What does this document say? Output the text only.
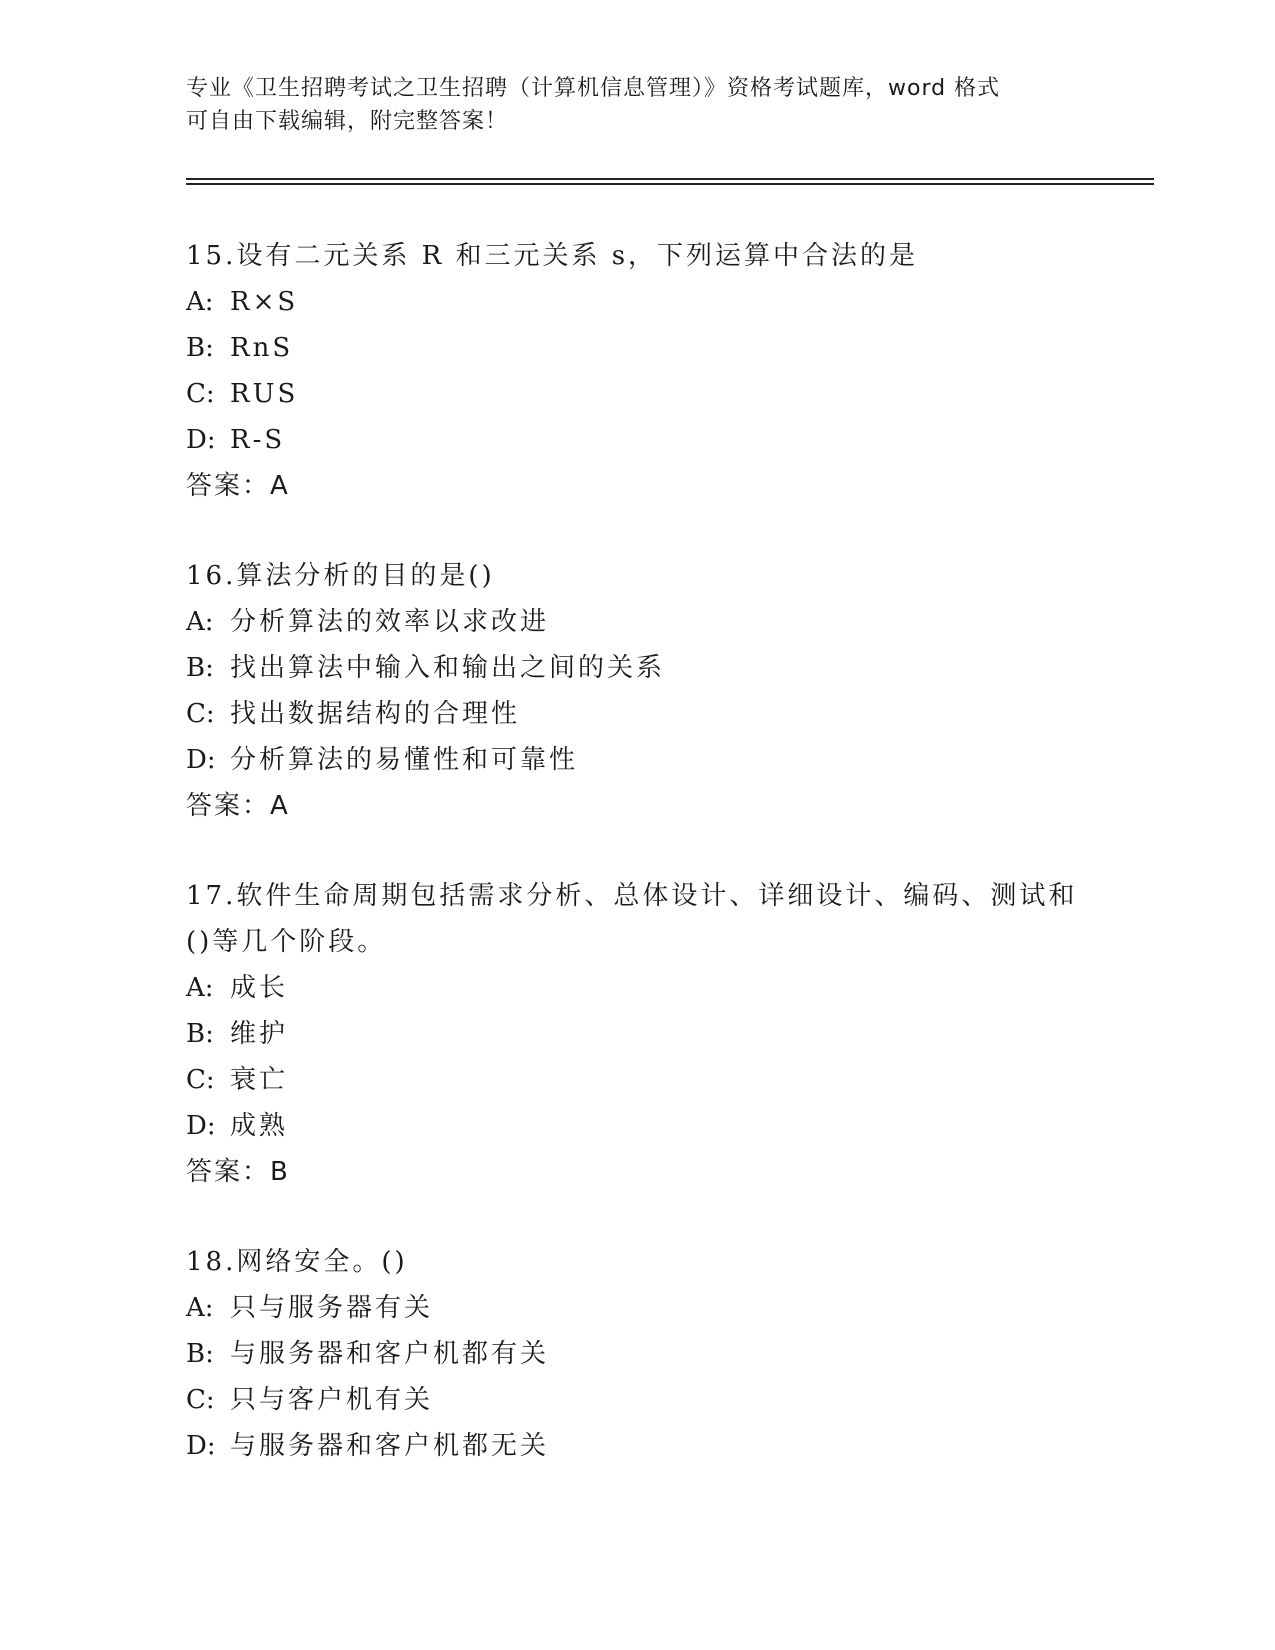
专业《卫生招聘考试之卫生招聘（计算机信息管理）》资格考试题库，word 格式
可自由下载编辑，附完整答案！
15.设有二元关系 R 和三元关系 s，下列运算中合法的是
A: R×S
B: RnS
C: RUS
D: R-S
答案：A
16.算法分析的目的是()
A: 分析算法的效率以求改进
B: 找出算法中输入和输出之间的关系
C: 找出数据结构的合理性
D: 分析算法的易懂性和可靠性
答案：A
17.软件生命周期包括需求分析、总体设计、详细设计、编码、测试和
()等几个阶段。
A: 成长
B: 维护
C: 衰亡
D: 成熟
答案：B
18.网络安全。()
A: 只与服务器有关
B: 与服务器和客户机都有关
C: 只与客户机有关
D: 与服务器和客户机都无关
